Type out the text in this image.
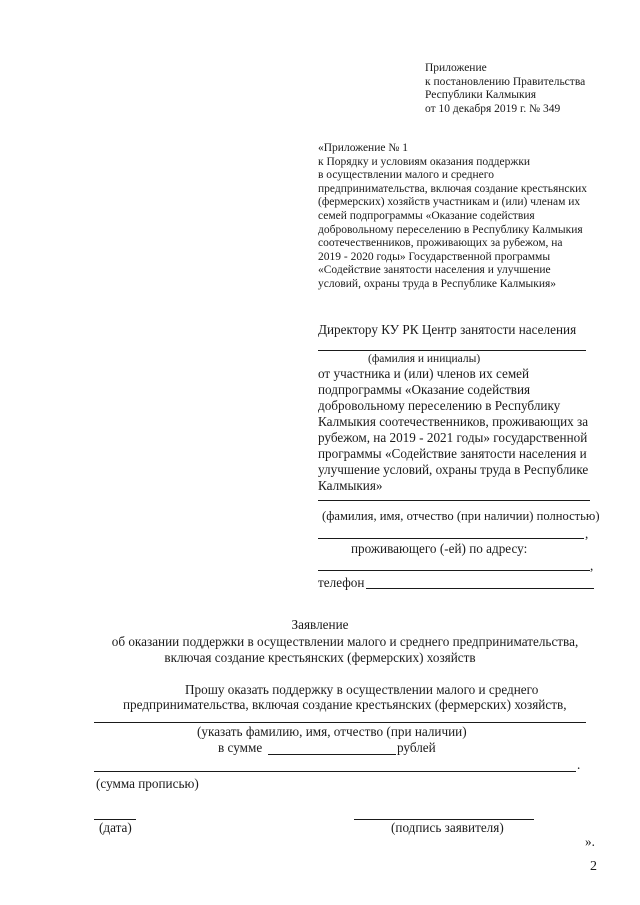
Приложение
к постановлению Правительства
Республики Калмыкия
от 10 декабря 2019 г. № 349
«Приложение № 1
к Порядку и условиям оказания поддержки
в осуществлении малого и среднего
предпринимательства, включая создание крестьянских
(фермерских) хозяйств участникам и (или) членам их
семей подпрограммы «Оказание содействия
добровольному переселению в Республику Калмыкия
соотечественников, проживающих за рубежом, на
2019 - 2020 годы» Государственной программы
«Содействие занятости населения и улучшение
условий, охраны труда в Республике Калмыкия»
Директору КУ РК Центр занятости населения
(фамилия и инициалы)
от участника и (или) членов их семей
подпрограммы «Оказание содействия
добровольному переселению в Республику
Калмыкия соотечественников, проживающих за
рубежом, на 2019 - 2021 годы» государственной
программы «Содействие занятости населения и
улучшение условий, охраны труда в Республике
Калмыкия»
(фамилия, имя, отчество (при наличии) полностью)
,
проживающего (-ей) по адресу:
,
телефон
Заявление
об оказании поддержки в осуществлении малого и среднего предпринимательства,
включая создание крестьянских (фермерских) хозяйств
Прошу оказать поддержку в осуществлении малого и среднего
предпринимательства, включая создание крестьянских (фермерских) хозяйств,
(указать фамилию, имя, отчество (при наличии)
в сумме	рублей
.
(сумма прописью)
(дата)	(подпись заявителя)
».
2
